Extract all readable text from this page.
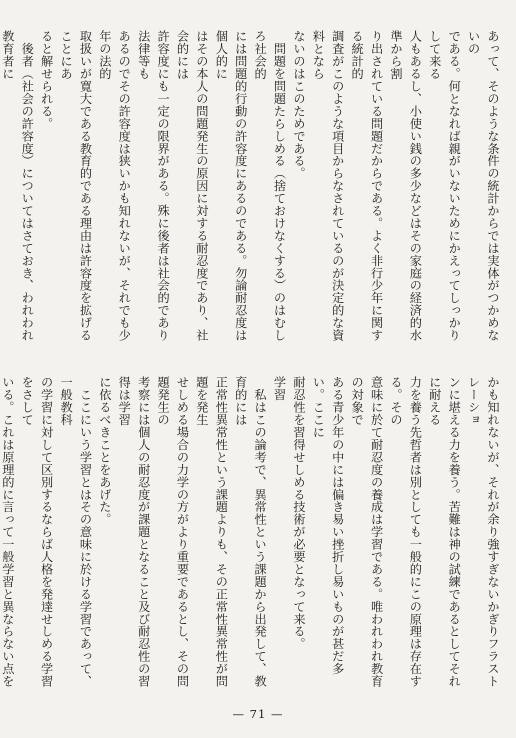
あって、そのような条件の統計からでは実体がつかめないの
である。何となれば親がいないためにかえってしっかりして来る
人もあるし、小使い銭の多少などはその家庭の経済的水準から割
り出されている問題だからである。よく非行少年に関する統計的
調査がこのような項目からなされているのが決定的な資料となら
ないのはこのためである。
　問題を問題たらしめる（捨ておけなくする）のはむしろ社会的
には問題的行動の許容度にあるのである。勿論耐忍度は個人的に
はその本人の問題発生の原因に対する耐忍度であり、社会的には
許容度にも一定の限界がある。殊に後者は社会的であり法律等も
あるのでその許容度は狭いかも知れないが、それでも少年の法的
取扱いが寛大である教育的である理由は許容度を拡げることにあ
ると解せられる。
　後者（社会の許容度）についてはさておき、われわれ教育者に

かも知れないが、それが余り強すぎないかぎりフラストレーショ
ンに堪える力を養う。苦難は神の試練であるとしてそれに耐える
力を養う先哲者は別としても一般的にこの原理は存在する。その
意味に於て耐忍度の養成は学習である。唯われわれ教育の対象で
ある青少年の中には偏き易い挫折し易いものが甚だ多い。ここに
耐忍性を習得せしめる技術が必要となって来る。
学習
　私はこの論考で、異常性という課題から出発して、教育的には
正常性異常性という課題よりも、その正常性異常性が問題を発生
せしめる場合の力学の方がより重要であるとし、その問題発生の
考察には個人の耐忍度が課題となること及び耐忍性の習得は学習
に依るべきことをあげた。
　ここにいう学習とはその意味に於ける学習であって、一般教科
の学習に対して区別するならば人格を発達せしめる学習をさして
いる。これは原理的に言って一般学習と異ならない点を

— 71 —
